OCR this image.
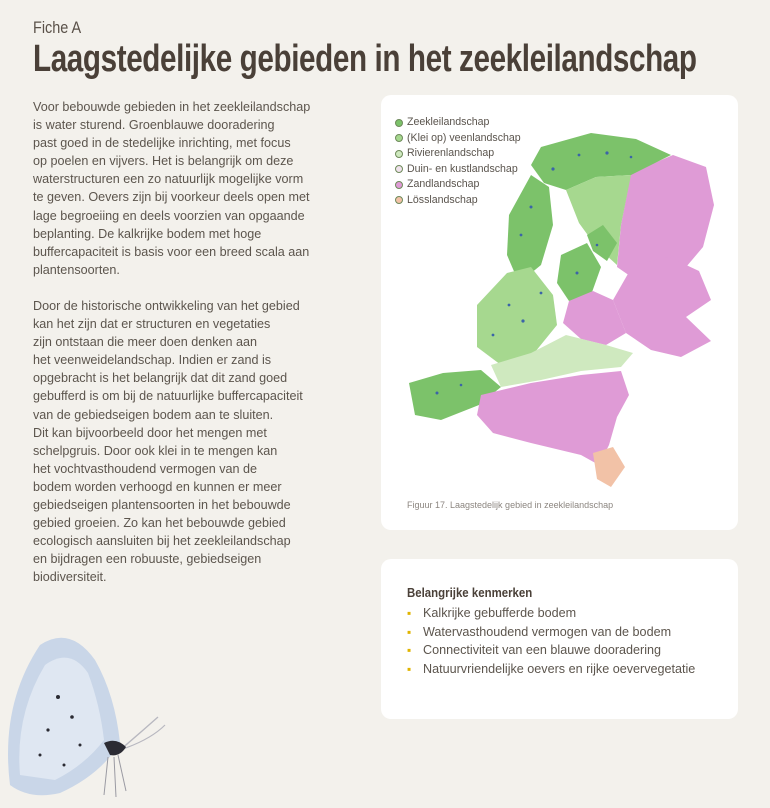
Fiche A
Laagstedelijke gebieden in het zeekleilandschap

Voor bebouwde gebieden in het zeekleilandschap
is water sturend. Groenblauwe dooradering
past goed in de stedelijke inrichting, met focus
op poelen en vijvers. Het is belangrijk om deze
waterstructuren een zo natuurlijk mogelijke vorm
te geven. Oevers zijn bij voorkeur deels open met
lage begroeiing en deels voorzien van opgaande
beplanting. De kalkrijke bodem met hoge
buffercapaciteit is basis voor een breed scala aan
plantensoorten.

Door de historische ontwikkeling van het gebied
kan het zijn dat er structuren en vegetaties
zijn ontstaan die meer doen denken aan
het veenweidelandschap. Indien er zand is
opgebracht is het belangrijk dat dit zand goed
gebufferd is om bij de natuurlijke buffercapaciteit
van de gebiedseigen bodem aan te sluiten.
Dit kan bijvoorbeeld door het mengen met
schelpgruis. Door ook klei in te mengen kan
het vochtvasthoudend vermogen van de
bodem worden verhoogd en kunnen er meer
gebiedseigen plantensoorten in het bebouwde
gebied groeien. Zo kan het bebouwde gebied
ecologisch aansluiten bij het zeekleilandschap
en bijdragen een robuuste, gebiedseigen
biodiversiteit.

Zeekleilandschap
(Klei op) veenlandschap
Rivierenlandschap
Duin- en kustlandschap
Zandlandschap
Lösslandschap
Figuur 17. Laagstedelijk gebied in zeekleilandschap
Belangrijke kenmerken
▪ Kalkrijke gebufferde bodem
▪ Watervasthoudend vermogen van de bodem
▪ Connectiviteit van een blauwe dooradering
▪ Natuurvriendelijke oevers en rijke oevervegetatie
